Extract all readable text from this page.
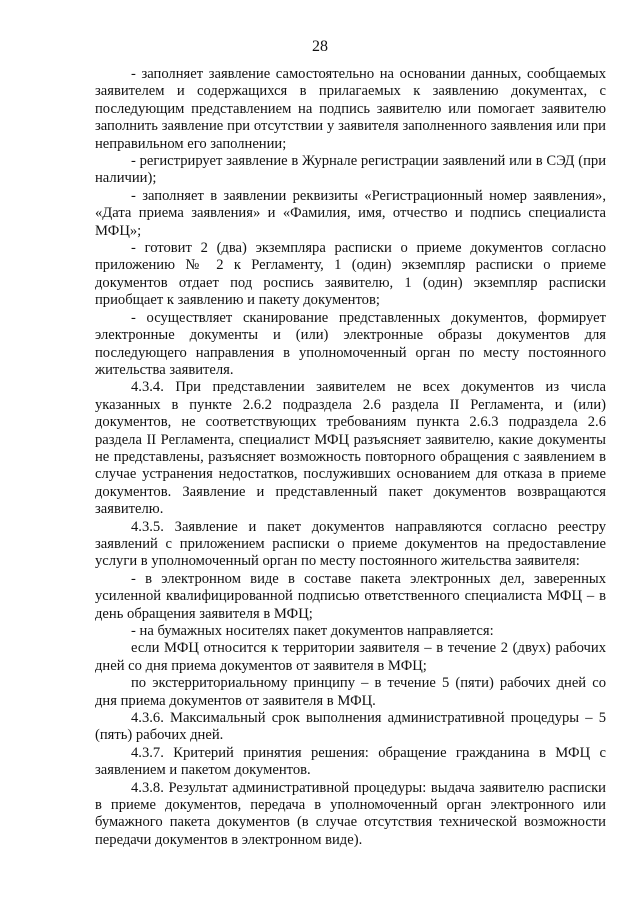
28

- заполняет заявление самостоятельно на основании данных, сообщаемых заявителем и содержащихся в прилагаемых к заявлению документах, с последующим представлением на подпись заявителю или помогает заявителю заполнить заявление при отсутствии у заявителя заполненного заявления или при неправильном его заполнении;

- регистрирует заявление в Журнале регистрации заявлений или в СЭД (при наличии);

- заполняет в заявлении реквизиты «Регистрационный номер заявления», «Дата приема заявления» и «Фамилия, имя, отчество и подпись специалиста МФЦ»;

- готовит 2 (два) экземпляра расписки о приеме документов согласно приложению № 2 к Регламенту, 1 (один) экземпляр расписки о приеме документов отдает под роспись заявителю, 1 (один) экземпляр расписки приобщает к заявлению и пакету документов;

- осуществляет сканирование представленных документов, формирует электронные документы и (или) электронные образы документов для последующего направления в уполномоченный орган по месту постоянного жительства заявителя.

4.3.4. При представлении заявителем не всех документов из числа указанных в пункте 2.6.2 подраздела 2.6 раздела II Регламента, и (или) документов, не соответствующих требованиям пункта 2.6.3 подраздела 2.6 раздела II Регламента, специалист МФЦ разъясняет заявителю, какие документы не представлены, разъясняет возможность повторного обращения с заявлением в случае устранения недостатков, послуживших основанием для отказа в приеме документов. Заявление и представленный пакет документов возвращаются заявителю.

4.3.5. Заявление и пакет документов направляются согласно реестру заявлений с приложением расписки о приеме документов на предоставление услуги в уполномоченный орган по месту постоянного жительства заявителя:

- в электронном виде в составе пакета электронных дел, заверенных усиленной квалифицированной подписью ответственного специалиста МФЦ – в день обращения заявителя в МФЦ;

- на бумажных носителях пакет документов направляется:

если МФЦ относится к территории заявителя – в течение 2 (двух) рабочих дней со дня приема документов от заявителя в МФЦ;

по экстерриториальному принципу – в течение 5 (пяти) рабочих дней со дня приема документов от заявителя в МФЦ.

4.3.6. Максимальный срок выполнения административной процедуры – 5 (пять) рабочих дней.

4.3.7. Критерий принятия решения: обращение гражданина в МФЦ с заявлением и пакетом документов.

4.3.8. Результат административной процедуры: выдача заявителю расписки в приеме документов, передача в уполномоченный орган электронного или бумажного пакета документов (в случае отсутствия технической возможности передачи документов в электронном виде).
